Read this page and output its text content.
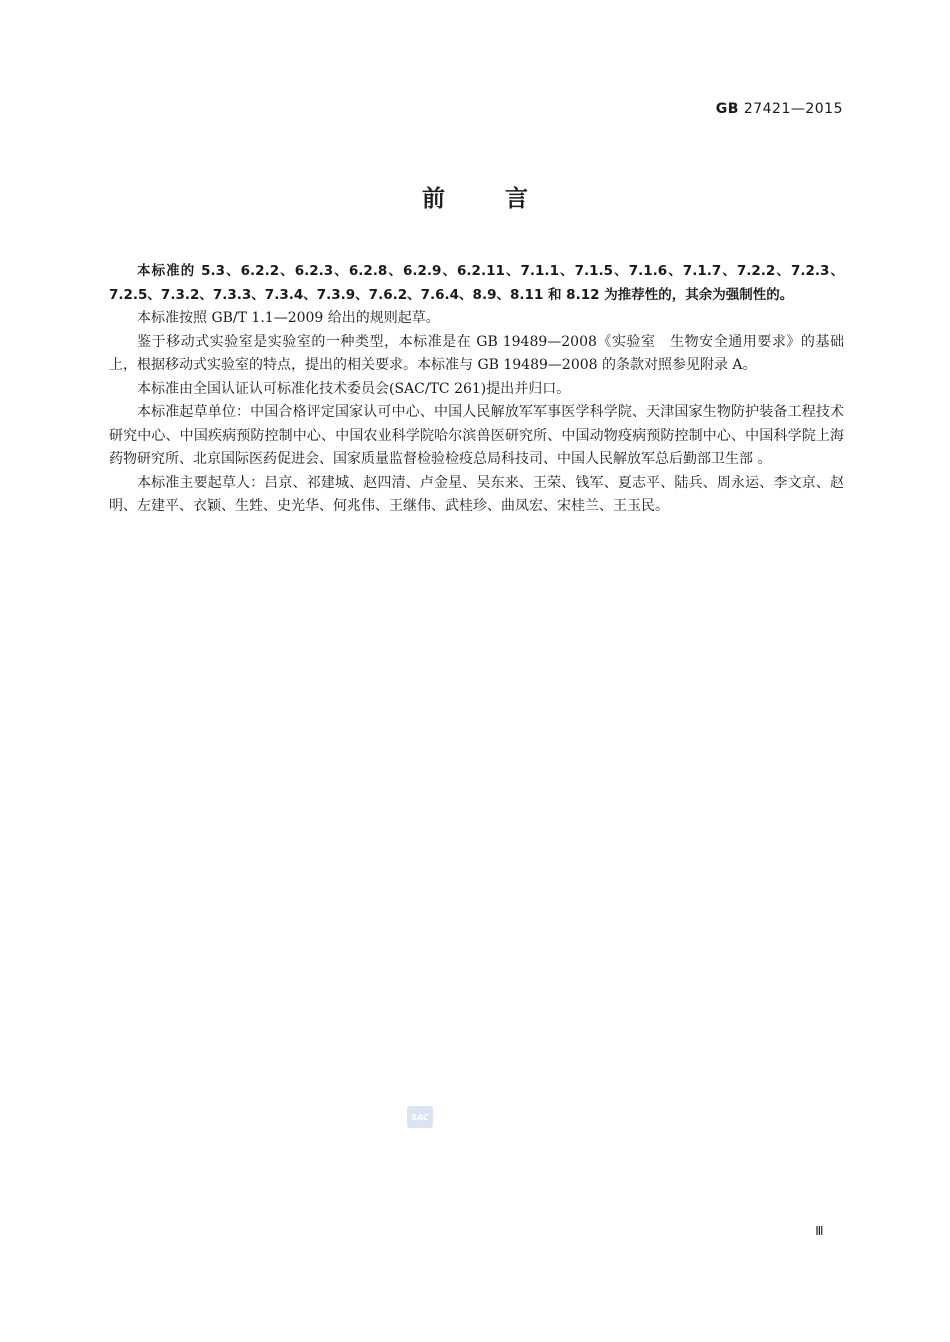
GB 27421—2015
前言

本标准的 5.3、6.2.2、6.2.3、6.2.8、6.2.9、6.2.11、7.1.1、7.1.5、7.1.6、7.1.7、7.2.2、7.2.3、7.2.5、7.3.2、7.3.3、7.3.4、7.3.9、7.6.2、7.6.4、8.9、8.11 和 8.12 为推荐性的，其余为强制性的。

本标准按照 GB/T 1.1—2009 给出的规则起草。

鉴于移动式实验室是实验室的一种类型，本标准是在 GB 19489—2008《实验室　生物安全通用要求》的基础上，根据移动式实验室的特点，提出的相关要求。本标准与 GB 19489—2008 的条款对照参见附录 A。

本标准由全国认证认可标准化技术委员会(SAC/TC 261)提出并归口。

本标准起草单位：中国合格评定国家认可中心、中国人民解放军军事医学科学院、天津国家生物防护装备工程技术研究中心、中国疾病预防控制中心、中国农业科学院哈尔滨兽医研究所、中国动物疫病预防控制中心、中国科学院上海药物研究所、北京国际医药促进会、国家质量监督检验检疫总局科技司、中国人民解放军总后勤部卫生部 。

本标准主要起草人：吕京、祁建城、赵四清、卢金星、吴东来、王荣、钱军、夏志平、陆兵、周永运、李文京、赵明、左建平、衣颖、生甡、史光华、何兆伟、王继伟、武桂珍、曲凤宏、宋桂兰、王玉民。

SAC
Ⅲ
